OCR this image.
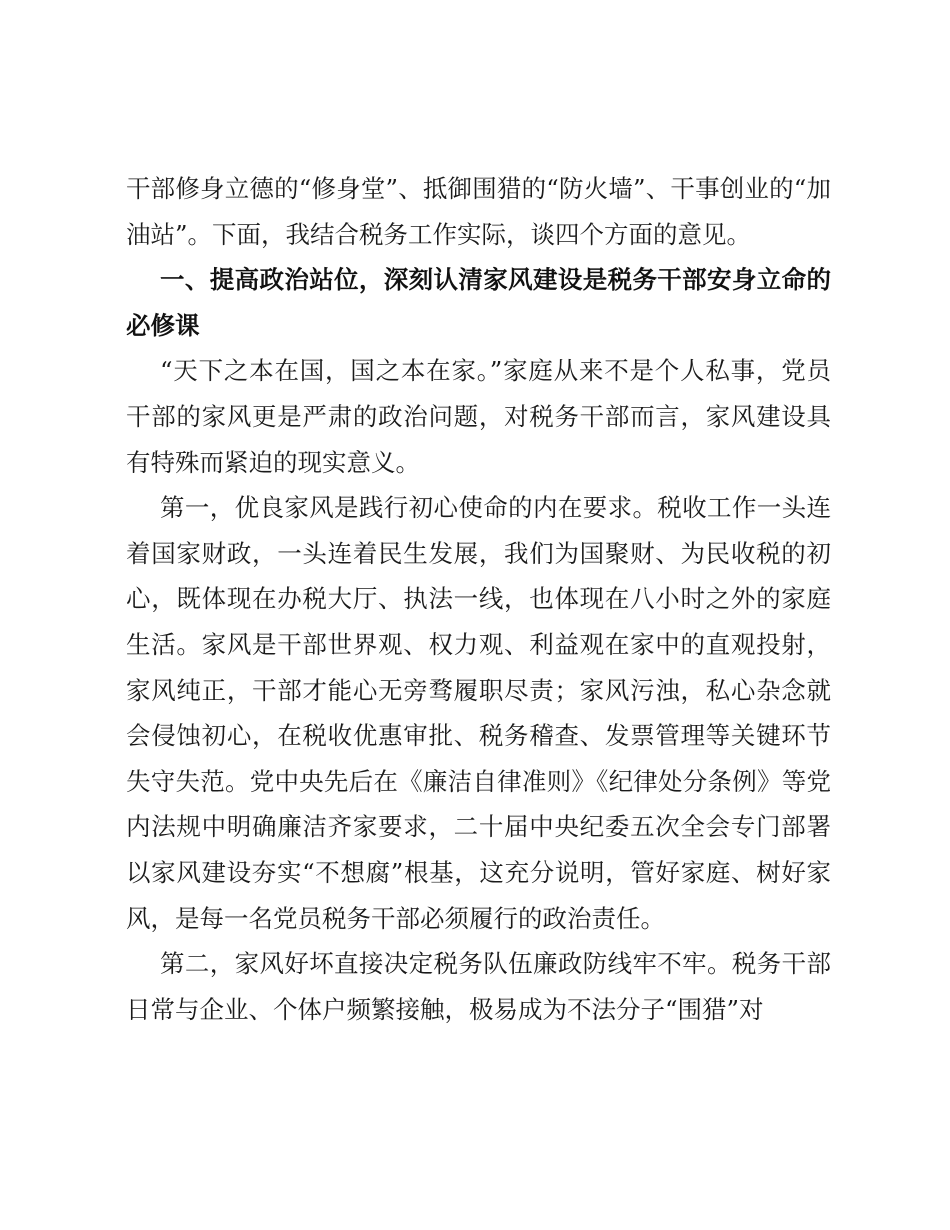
干部修身立德的“修身堂”、抵御围猎的“防火墙”、干事创业的“加油站”。下面，我结合税务工作实际，谈四个方面的意见。

一、提高政治站位，深刻认清家风建设是税务干部安身立命的必修课

“天下之本在国，国之本在家。”家庭从来不是个人私事，党员干部的家风更是严肃的政治问题，对税务干部而言，家风建设具有特殊而紧迫的现实意义。

第一，优良家风是践行初心使命的内在要求。税收工作一头连着国家财政，一头连着民生发展，我们为国聚财、为民收税的初心，既体现在办税大厅、执法一线，也体现在八小时之外的家庭生活。家风是干部世界观、权力观、利益观在家中的直观投射，家风纯正，干部才能心无旁骛履职尽责；家风污浊，私心杂念就会侵蚀初心，在税收优惠审批、税务稽查、发票管理等关键环节失守失范。党中央先后在《廉洁自律准则》《纪律处分条例》等党内法规中明确廉洁齐家要求，二十届中央纪委五次全会专门部署以家风建设夯实“不想腐”根基，这充分说明，管好家庭、树好家风，是每一名党员税务干部必须履行的政治责任。

第二，家风好坏直接决定税务队伍廉政防线牢不牢。税务干部日常与企业、个体户频繁接触，极易成为不法分子“围猎”对
